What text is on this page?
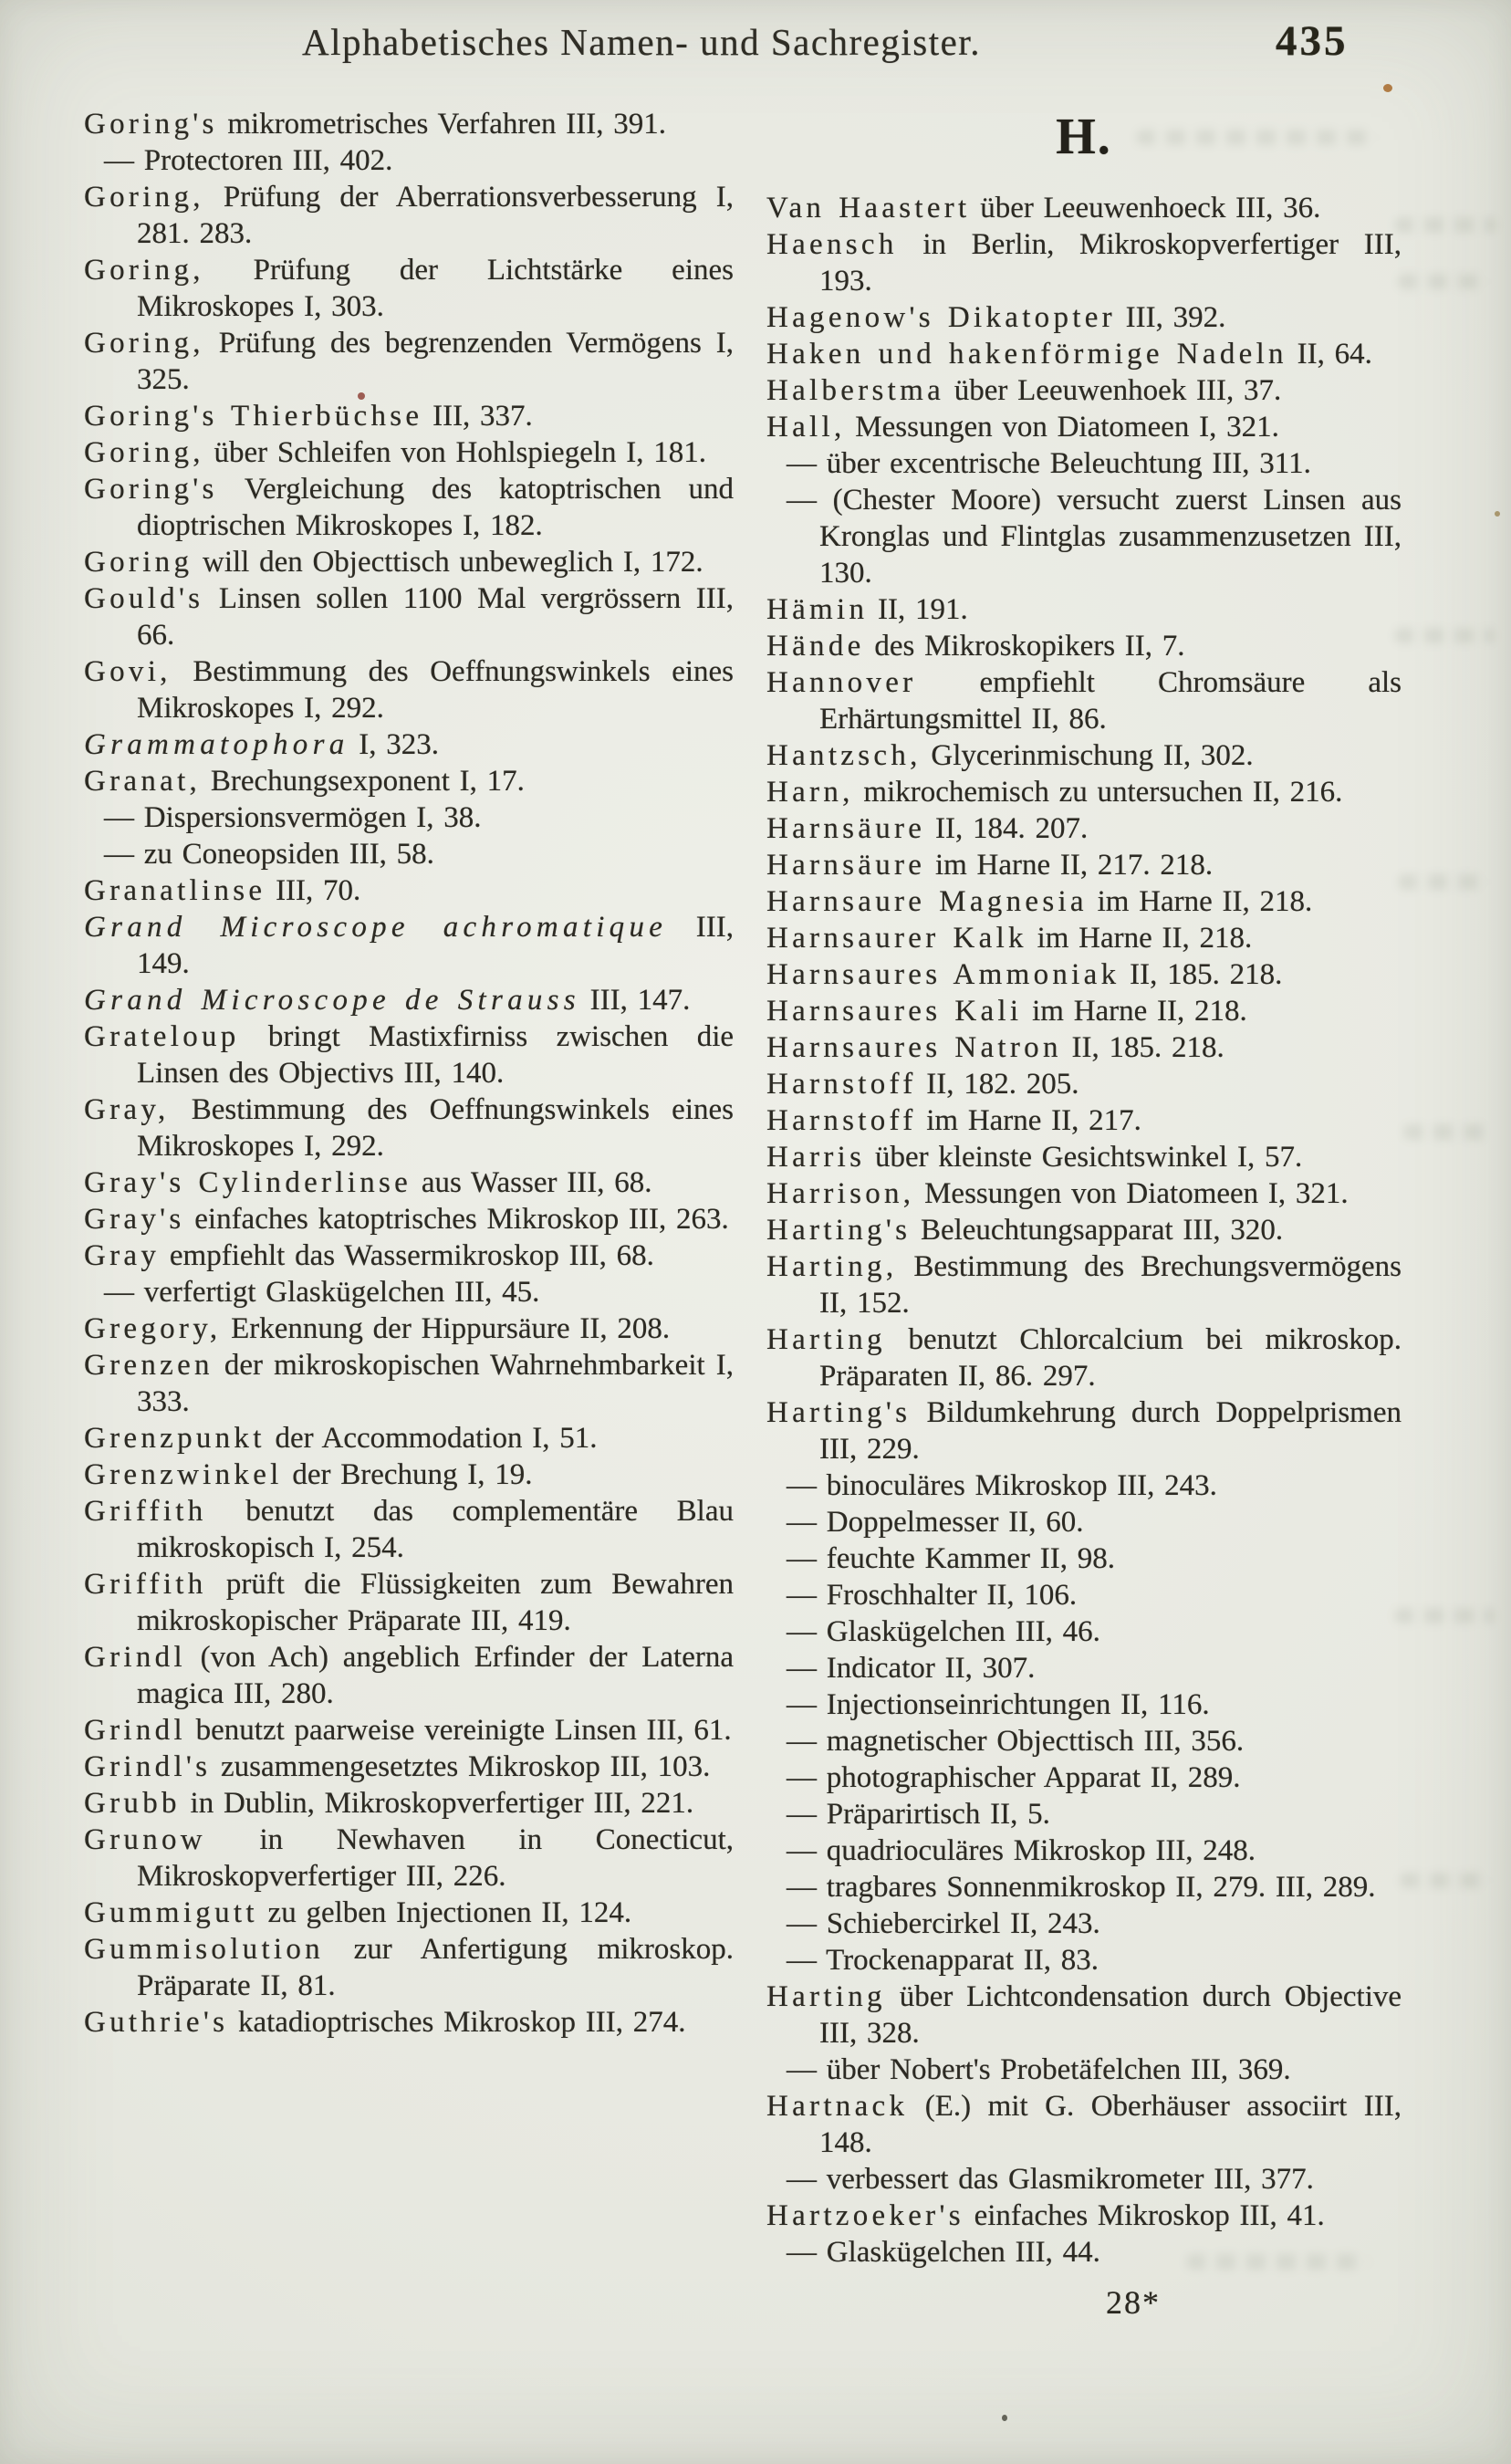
Alphabetisches Namen- und Sachregister.	435

Goring's mikrometrisches Verfahren III, 391.

— Protectoren III, 402.

Goring, Prüfung der Aberrationsverbesserung I, 281. 283.

Goring, Prüfung der Lichtstärke eines Mikroskopes I, 303.

Goring, Prüfung des begrenzenden Vermögens I, 325.

Goring's Thierbüchse III, 337.

Goring, über Schleifen von Hohlspiegeln I, 181.

Goring's Vergleichung des katoptrischen und dioptrischen Mikroskopes I, 182.

Goring will den Objecttisch unbeweglich I, 172.

Gould's Linsen sollen 1100 Mal vergrössern III, 66.

Govi, Bestimmung des Oeffnungswinkels eines Mikroskopes I, 292.

Grammatophora I, 323.

Granat, Brechungsexponent I, 17.

— Dispersionsvermögen I, 38.

— zu Coneopsiden III, 58.

Granatlinse III, 70.

Grand Microscope achromatique III, 149.

Grand Microscope de Strauss III, 147.

Grateloup bringt Mastixfirniss zwischen die Linsen des Objectivs III, 140.

Gray, Bestimmung des Oeffnungswinkels eines Mikroskopes I, 292.

Gray's Cylinderlinse aus Wasser III, 68.

Gray's einfaches katoptrisches Mikroskop III, 263.

Gray empfiehlt das Wassermikroskop III, 68.

— verfertigt Glaskügelchen III, 45.

Gregory, Erkennung der Hippursäure II, 208.

Grenzen der mikroskopischen Wahrnehmbarkeit I, 333.

Grenzpunkt der Accommodation I, 51.

Grenzwinkel der Brechung I, 19.

Griffith benutzt das complementäre Blau mikroskopisch I, 254.

Griffith prüft die Flüssigkeiten zum Bewahren mikroskopischer Präparate III, 419.

Grindl (von Ach) angeblich Erfinder der Laterna magica III, 280.

Grindl benutzt paarweise vereinigte Linsen III, 61.

Grindl's zusammengesetztes Mikroskop III, 103.

Grubb in Dublin, Mikroskopverfertiger III, 221.

Grunow in Newhaven in Conecticut, Mikroskopverfertiger III, 226.

Gummigutt zu gelben Injectionen II, 124.

Gummisolution zur Anfertigung mikroskop. Präparate II, 81.

Guthrie's katadioptrisches Mikroskop III, 274.

H.

Van Haastert über Leeuwenhoeck III, 36.

Haensch in Berlin, Mikroskopverfertiger III, 193.

Hagenow's Dikatopter III, 392.

Haken und hakenförmige Nadeln II, 64.

Halberstma über Leeuwenhoek III, 37.

Hall, Messungen von Diatomeen I, 321.

— über excentrische Beleuchtung III, 311.

— (Chester Moore) versucht zuerst Linsen aus Kronglas und Flintglas zusammenzusetzen III, 130.

Hämin II, 191.

Hände des Mikroskopikers II, 7.

Hannover empfiehlt Chromsäure als Erhärtungsmittel II, 86.

Hantzsch, Glycerinmischung II, 302.

Harn, mikrochemisch zu untersuchen II, 216.

Harnsäure II, 184. 207.

Harnsäure im Harne II, 217. 218.

Harnsaure Magnesia im Harne II, 218.

Harnsaurer Kalk im Harne II, 218.

Harnsaures Ammoniak II, 185. 218.

Harnsaures Kali im Harne II, 218.

Harnsaures Natron II, 185. 218.

Harnstoff II, 182. 205.

Harnstoff im Harne II, 217.

Harris über kleinste Gesichtswinkel I, 57.

Harrison, Messungen von Diatomeen I, 321.

Harting's Beleuchtungsapparat III, 320.

Harting, Bestimmung des Brechungsvermögens II, 152.

Harting benutzt Chlorcalcium bei mikroskop. Präparaten II, 86. 297.

Harting's Bildumkehrung durch Doppelprismen III, 229.

— binoculäres Mikroskop III, 243.

— Doppelmesser II, 60.

— feuchte Kammer II, 98.

— Froschhalter II, 106.

— Glaskügelchen III, 46.

— Indicator II, 307.

— Injectionseinrichtungen II, 116.

— magnetischer Objecttisch III, 356.

— photographischer Apparat II, 289.

— Präparirtisch II, 5.

— quadrioculäres Mikroskop III, 248.

— tragbares Sonnenmikroskop II, 279. III, 289.

— Schiebercirkel II, 243.

— Trockenapparat II, 83.

Harting über Lichtcondensation durch Objective III, 328.

— über Nobert's Probetäfelchen III, 369.

Hartnack (E.) mit G. Oberhäuser associirt III, 148.

— verbessert das Glasmikrometer III, 377.

Hartzoeker's einfaches Mikroskop III, 41.

— Glaskügelchen III, 44.

28*
